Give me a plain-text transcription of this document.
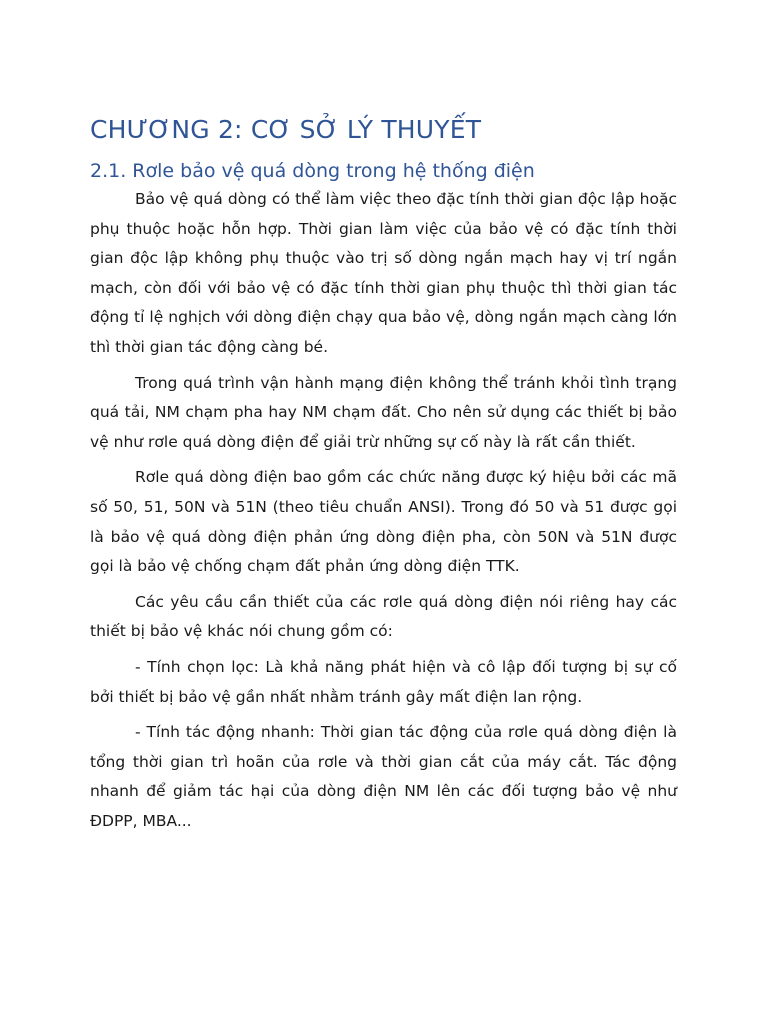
CHƯƠNG 2: CƠ SỞ LÝ THUYẾT
2.1. Rơle bảo vệ quá dòng trong hệ thống điện

Bảo vệ quá dòng có thể làm việc theo đặc tính thời gian độc lập hoặc phụ thuộc hoặc hỗn hợp. Thời gian làm việc của bảo vệ có đặc tính thời gian độc lập không phụ thuộc vào trị số dòng ngắn mạch hay vị trí ngắn mạch, còn đối với bảo vệ có đặc tính thời gian phụ thuộc thì thời gian tác động tỉ lệ nghịch với dòng điện chạy qua bảo vệ, dòng ngắn mạch càng lớn thì thời gian tác động càng bé.

Trong quá trình vận hành mạng điện không thể tránh khỏi tình trạng quá tải, NM chạm pha hay NM chạm đất. Cho nên sử dụng các thiết bị bảo vệ như rơle quá dòng điện để giải trừ những sự cố này là rất cần thiết.

Rơle quá dòng điện bao gồm các chức năng được ký hiệu bởi các mã số 50, 51, 50N và 51N (theo tiêu chuẩn ANSI). Trong đó 50 và 51 được gọi là bảo vệ quá dòng điện phản ứng dòng điện pha, còn 50N và 51N được gọi là bảo vệ chống chạm đất phản ứng dòng điện TTK.

Các yêu cầu cần thiết của các rơle quá dòng điện nói riêng hay các thiết bị bảo vệ khác nói chung gồm có:

- Tính chọn lọc: Là khả năng phát hiện và cô lập đối tượng bị sự cố bởi thiết bị bảo vệ gần nhất nhằm tránh gây mất điện lan rộng.

- Tính tác động nhanh: Thời gian tác động của rơle quá dòng điện là tổng thời gian trì hoãn của rơle và thời gian cắt của máy cắt. Tác động nhanh để giảm tác hại của dòng điện NM lên các đối tượng bảo vệ như ĐDPP, MBA...
